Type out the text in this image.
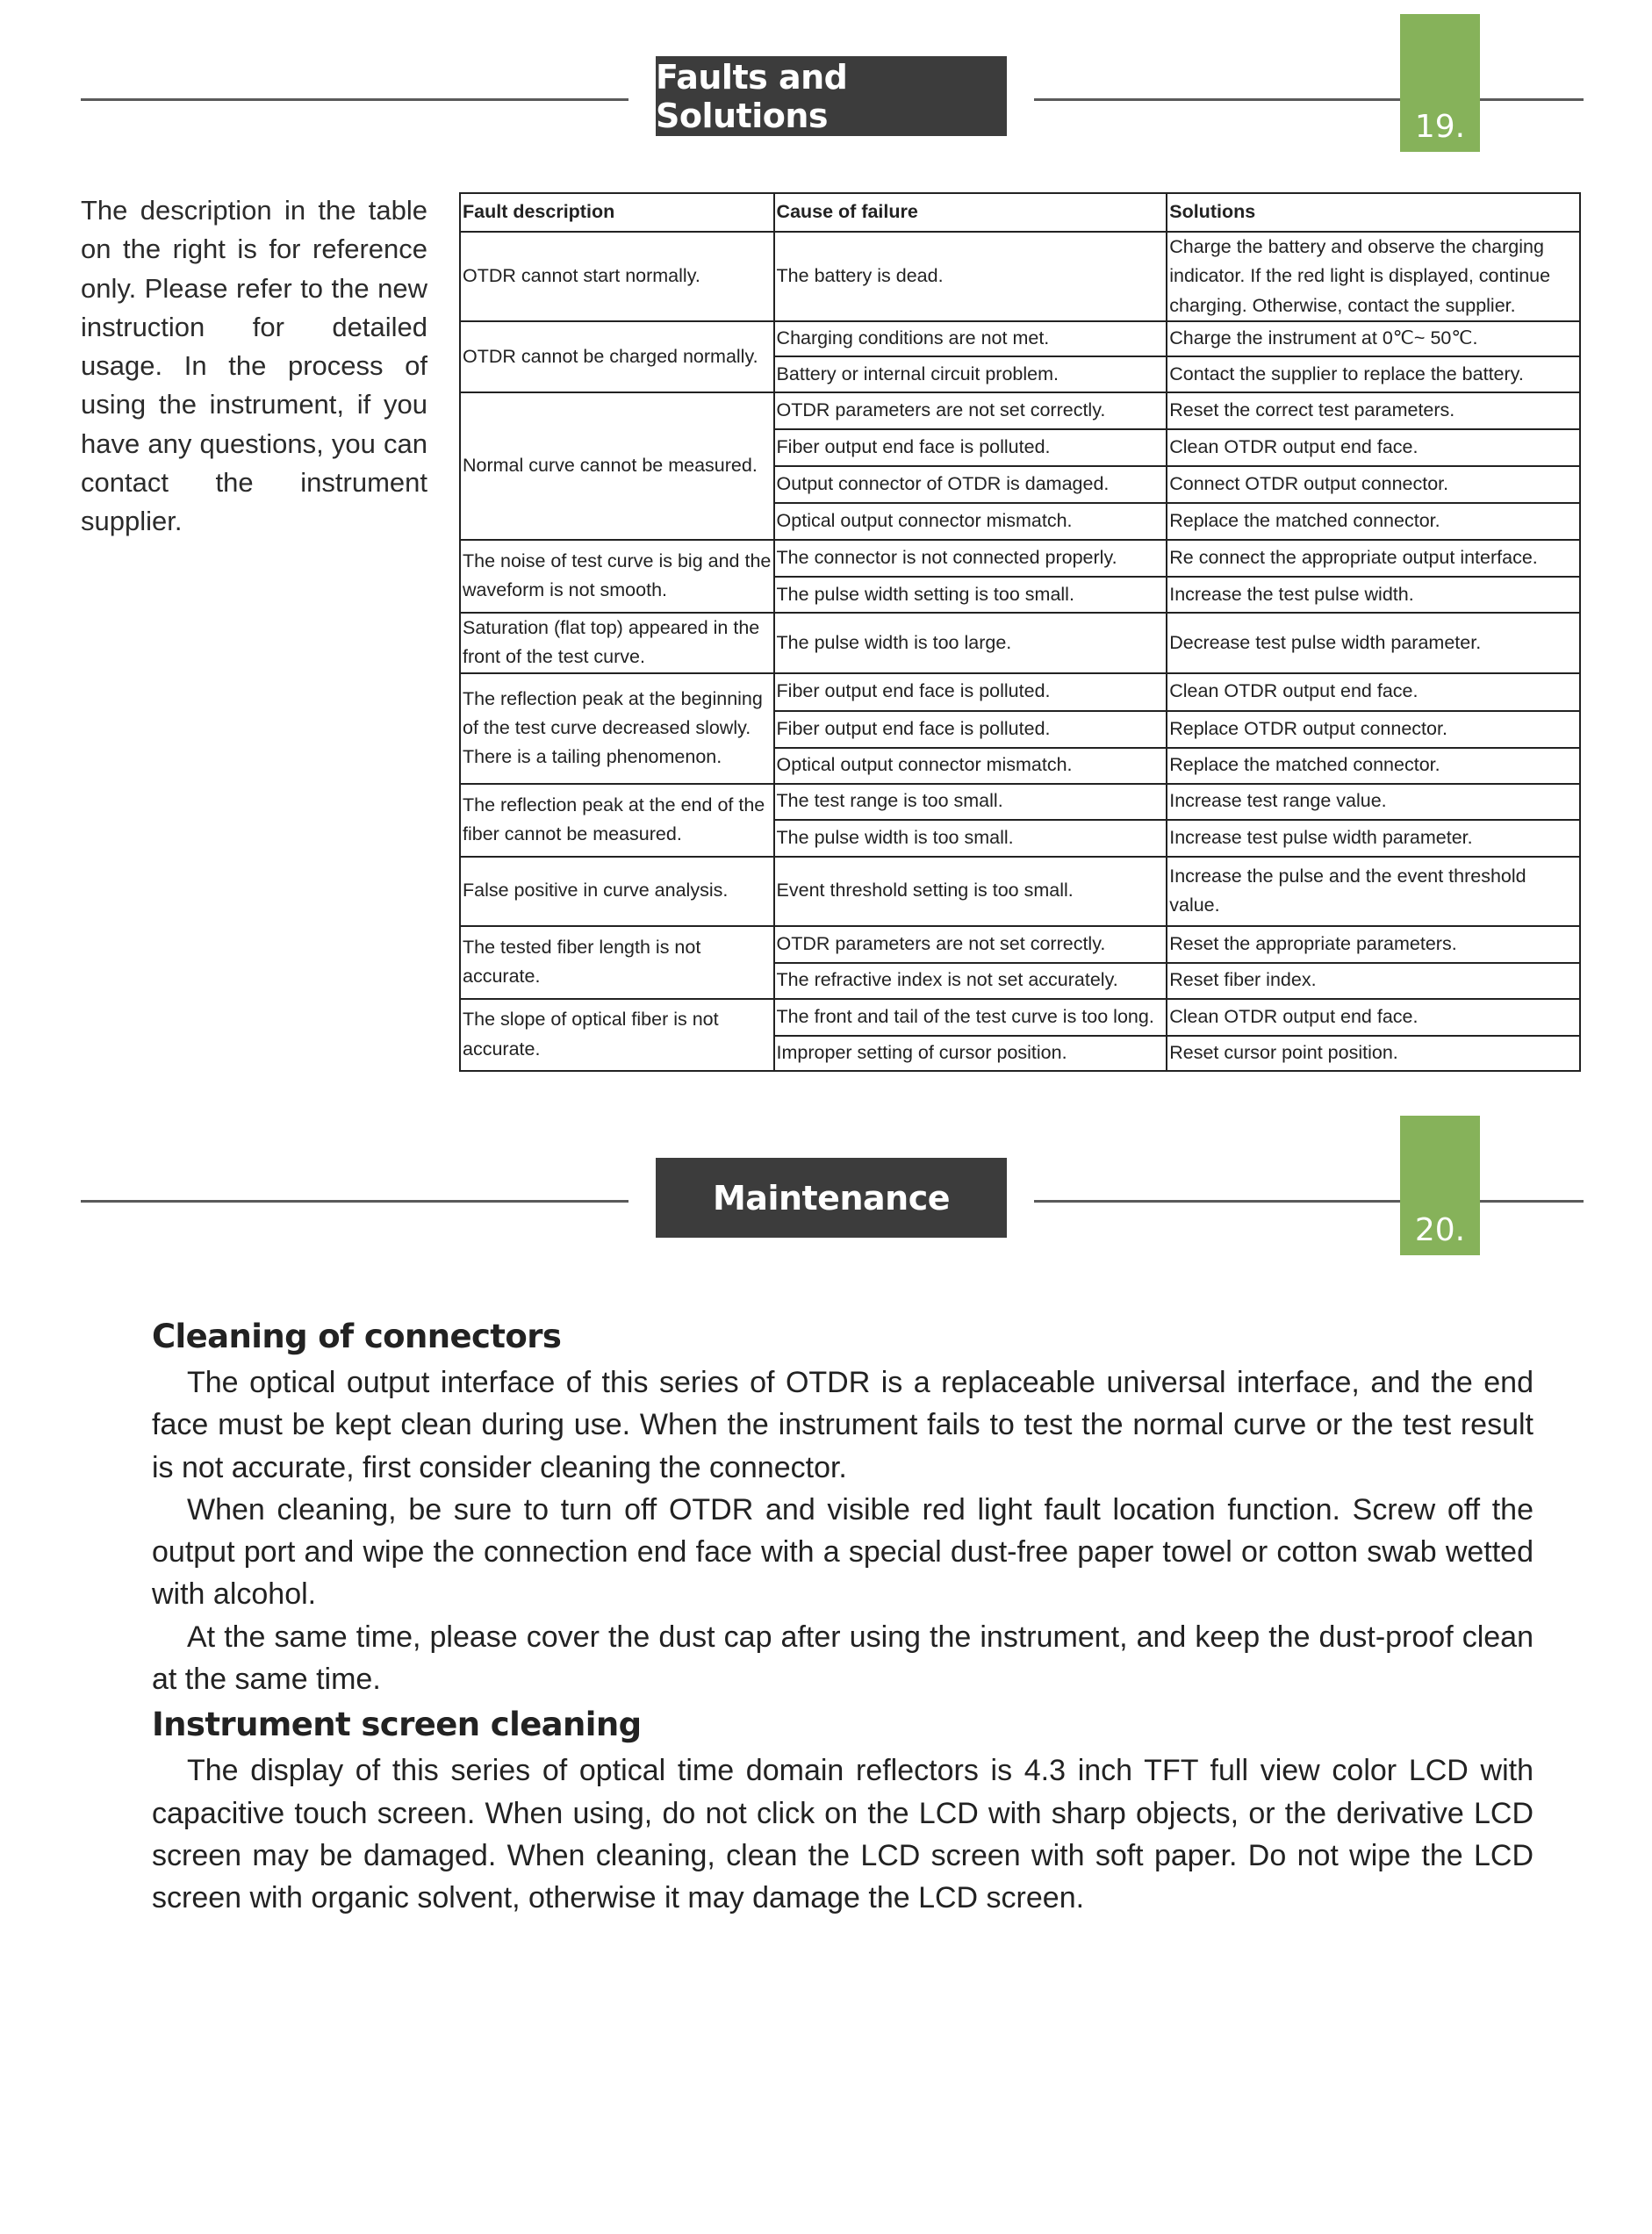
Faults and Solutions	19.
The description in the table on the right is for reference only. Please refer to the new instruction for detailed usage. In the process of using the instrument, if you have any questions, you can contact the instrument supplier.
Fault description	Cause of failure	Solutions
OTDR cannot start normally.	The battery is dead.	Charge the battery and observe the charging indicator. If the red light is displayed, continue charging. Otherwise, contact the supplier.
OTDR cannot be charged normally.	Charging conditions are not met.	Charge the instrument at 0℃~ 50℃.
	Battery or internal circuit problem.	Contact the supplier to replace the battery.
Normal curve cannot be measured.	OTDR parameters are not set correctly.	Reset the correct test parameters.
	Fiber output end face is polluted.	Clean OTDR output end face.
	Output connector of OTDR is damaged.	Connect OTDR output connector.
	Optical output connector mismatch.	Replace the matched connector.
The noise of test curve is big and the waveform is not smooth.	The connector is not connected properly.	Re connect the appropriate output interface.
	The pulse width setting is too small.	Increase the test pulse width.
Saturation (flat top) appeared in the front of the test curve.	The pulse width is too large.	Decrease test pulse width parameter.
The reflection peak at the beginning of the test curve decreased slowly. There is a tailing phenomenon.	Fiber output end face is polluted.	Clean OTDR output end face.
	Fiber output end face is polluted.	Replace OTDR output connector.
	Optical output connector mismatch.	Replace the matched connector.
The reflection peak at the end of the fiber cannot be measured.	The test range is too small.	Increase test range value.
	The pulse width is too small.	Increase test pulse width parameter.
False positive in curve analysis.	Event threshold setting is too small.	Increase the pulse and the event threshold value.
The tested fiber length is not accurate.	OTDR parameters are not set correctly.	Reset the appropriate parameters.
	The refractive index is not set accurately.	Reset fiber index.
The slope of optical fiber is not accurate.	The front and tail of the test curve is too long.	Clean OTDR output end face.
	Improper setting of cursor position.	Reset cursor point position.
Maintenance
20.
Cleaning of connectors

The optical output interface of this series of OTDR is a replaceable universal interface, and the end face must be kept clean during use. When the instrument fails to test the normal curve or the test result is not accurate, first consider cleaning the connector.

When cleaning, be sure to turn off OTDR and visible red light fault location function. Screw off the output port and wipe the connection end face with a special dust-free paper towel or cotton swab wetted with alcohol.

At the same time, please cover the dust cap after using the instrument, and keep the dust-proof clean at the same time.

Instrument screen cleaning

The display of this series of optical time domain reflectors is 4.3 inch TFT full view color LCD with capacitive touch screen. When using, do not click on the LCD with sharp objects, or the derivative LCD screen may be damaged. When cleaning, clean the LCD screen with soft paper. Do not wipe the LCD screen with organic solvent, otherwise it may damage the LCD screen.
